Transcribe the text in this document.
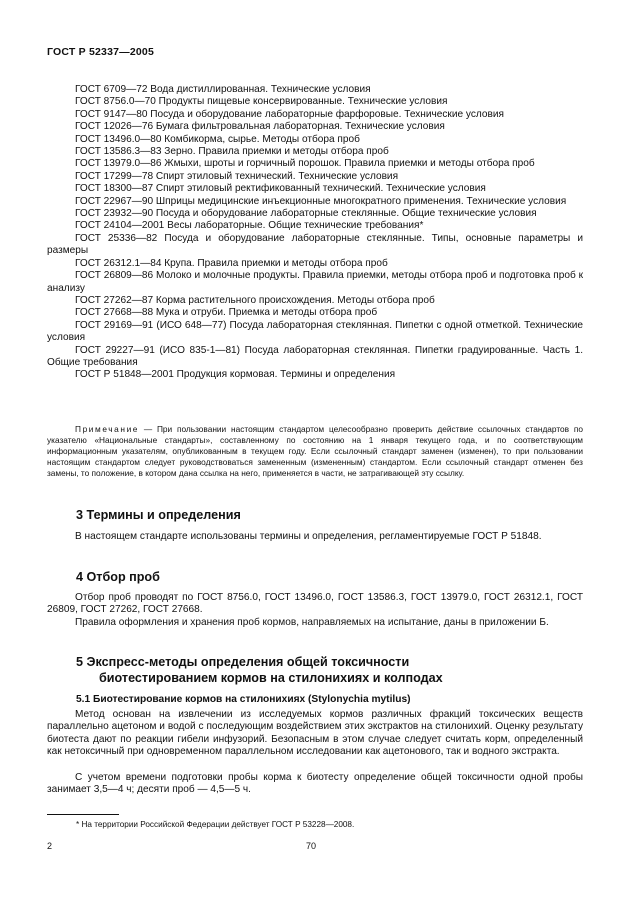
ГОСТ Р 52337—2005
ГОСТ 6709—72 Вода дистиллированная. Технические условия
ГОСТ 8756.0—70 Продукты пищевые консервированные. Технические условия
ГОСТ 9147—80 Посуда и оборудование лабораторные фарфоровые. Технические условия
ГОСТ 12026—76 Бумага фильтровальная лабораторная. Технические условия
ГОСТ 13496.0—80 Комбикорма, сырье. Методы отбора проб
ГОСТ 13586.3—83 Зерно. Правила приемки и методы отбора проб
ГОСТ 13979.0—86 Жмыхи, шроты и горчичный порошок. Правила приемки и методы отбора проб
ГОСТ 17299—78 Спирт этиловый технический. Технические условия
ГОСТ 18300—87 Спирт этиловый ректификованный технический. Технические условия
ГОСТ 22967—90 Шприцы медицинские инъекционные многократного применения. Технические условия
ГОСТ 23932—90 Посуда и оборудование лабораторные стеклянные. Общие технические условия
ГОСТ 24104—2001 Весы лабораторные. Общие технические требования*
ГОСТ 25336—82 Посуда и оборудование лабораторные стеклянные. Типы, основные параметры и размеры
ГОСТ 26312.1—84 Крупа. Правила приемки и методы отбора проб
ГОСТ 26809—86 Молоко и молочные продукты. Правила приемки, методы отбора проб и подготовка проб к анализу
ГОСТ 27262—87 Корма растительного происхождения. Методы отбора проб
ГОСТ 27668—88 Мука и отруби. Приемка и методы отбора проб
ГОСТ 29169—91 (ИСО 648—77) Посуда лабораторная стеклянная. Пипетки с одной отметкой. Технические условия
ГОСТ 29227—91 (ИСО 835-1—81) Посуда лабораторная стеклянная. Пипетки градуированные. Часть 1. Общие требования
ГОСТ Р 51848—2001 Продукция кормовая. Термины и определения
Примечание — При пользовании настоящим стандартом целесообразно проверить действие ссылочных стандартов по указателю «Национальные стандарты», составленному по состоянию на 1 января текущего года, и по соответствующим информационным указателям, опубликованным в текущем году. Если ссылочный стандарт заменен (изменен), то при пользовании настоящим стандартом следует руководствоваться замененным (измененным) стандартом. Если ссылочный стандарт отменен без замены, то положение, в котором дана ссылка на него, применяется в части, не затрагивающей эту ссылку.
3 Термины и определения
В настоящем стандарте использованы термины и определения, регламентируемые ГОСТ Р 51848.
4 Отбор проб
Отбор проб проводят по ГОСТ 8756.0, ГОСТ 13496.0, ГОСТ 13586.3, ГОСТ 13979.0, ГОСТ 26312.1, ГОСТ 26809, ГОСТ 27262, ГОСТ 27668.
Правила оформления и хранения проб кормов, направляемых на испытание, даны в приложении Б.
5 Экспресс-методы определения общей токсичности
биотестированием кормов на стилонихиях и колподах
5.1 Биотестирование кормов на стилонихиях (Stylonychia mytilus)
Метод основан на извлечении из исследуемых кормов различных фракций токсических веществ параллельно ацетоном и водой с последующим воздействием этих экстрактов на стилонихий. Оценку результату биотеста дают по реакции гибели инфузорий. Безопасным в этом случае следует считать корм, определенный как нетоксичный при одновременном параллельном исследовании как ацетонового, так и водного экстракта.
С учетом времени подготовки пробы корма к биотесту определение общей токсичности одной пробы занимает 3,5—4 ч; десяти проб — 4,5—5 ч.
* На территории Российской Федерации действует ГОСТ Р 53228—2008.
2	70
